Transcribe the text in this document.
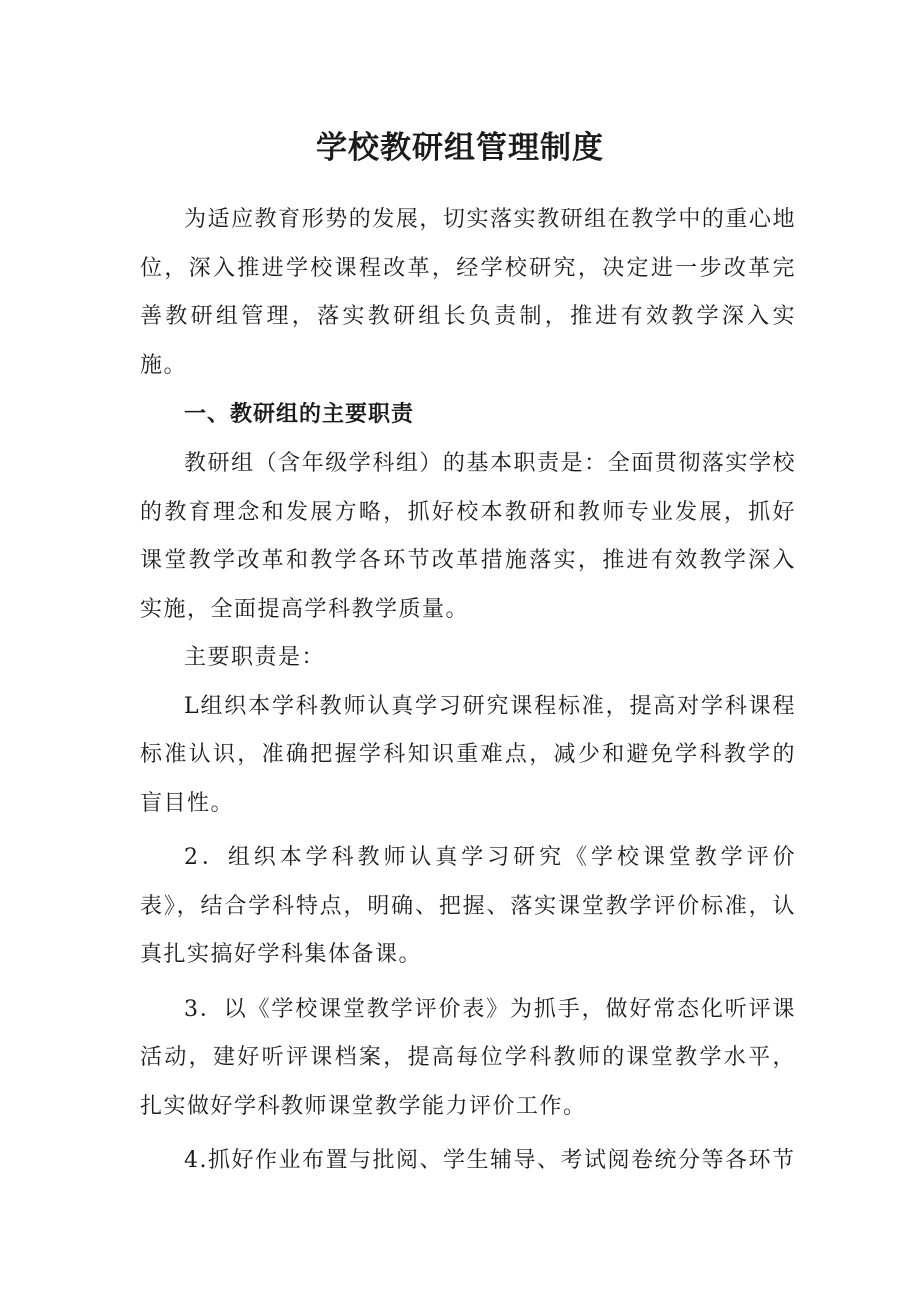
学校教研组管理制度

为适应教育形势的发展，切实落实教研组在教学中的重心地位，深入推进学校课程改革，经学校研究，决定进一步改革完善教研组管理，落实教研组长负责制，推进有效教学深入实施。

一、教研组的主要职责

教研组（含年级学科组）的基本职责是：全面贯彻落实学校的教育理念和发展方略，抓好校本教研和教师专业发展，抓好课堂教学改革和教学各环节改革措施落实，推进有效教学深入实施，全面提高学科教学质量。

主要职责是：

L组织本学科教师认真学习研究课程标准，提高对学科课程标准认识，准确把握学科知识重难点，减少和避免学科教学的盲目性。

2．组织本学科教师认真学习研究《学校课堂教学评价表》，结合学科特点，明确、把握、落实课堂教学评价标准，认真扎实搞好学科集体备课。

3．以《学校课堂教学评价表》为抓手，做好常态化听评课活动，建好听评课档案，提高每位学科教师的课堂教学水平，扎实做好学科教师课堂教学能力评价工作。

4.抓好作业布置与批阅、学生辅导、考试阅卷统分等各环节
